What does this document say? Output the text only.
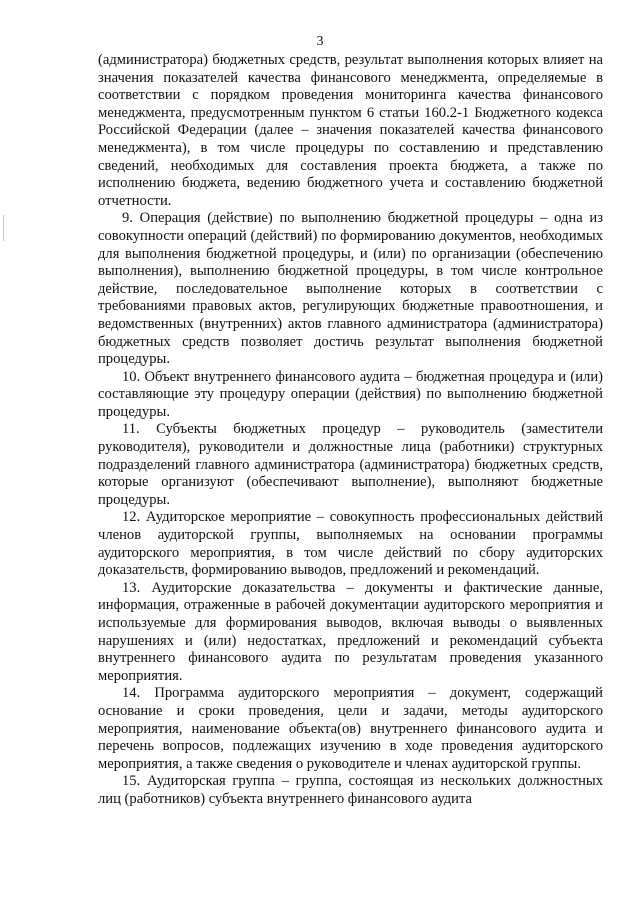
3

(администратора) бюджетных средств, результат выполнения которых влияет на значения показателей качества финансового менеджмента, определяемые в соответствии с порядком проведения мониторинга качества финансового менеджмента, предусмотренным пунктом 6 статьи 160.2-1 Бюджетного кодекса Российской Федерации (далее – значения показателей качества финансового менеджмента), в том числе процедуры по составлению и представлению сведений, необходимых для составления проекта бюджета, а также по исполнению бюджета, ведению бюджетного учета и составлению бюджетной отчетности.

9. Операция (действие) по выполнению бюджетной процедуры – одна из совокупности операций (действий) по формированию документов, необходимых для выполнения бюджетной процедуры, и (или) по организации (обеспечению выполнения), выполнению бюджетной процедуры, в том числе контрольное действие, последовательное выполнение которых в соответствии с требованиями правовых актов, регулирующих бюджетные правоотношения, и ведомственных (внутренних) актов главного администратора (администратора) бюджетных средств позволяет достичь результат выполнения бюджетной процедуры.

10. Объект внутреннего финансового аудита – бюджетная процедура и (или) составляющие эту процедуру операции (действия) по выполнению бюджетной процедуры.

11. Субъекты бюджетных процедур – руководитель (заместители руководителя), руководители и должностные лица (работники) структурных подразделений главного администратора (администратора) бюджетных средств, которые организуют (обеспечивают выполнение), выполняют бюджетные процедуры.

12. Аудиторское мероприятие – совокупность профессиональных действий членов аудиторской группы, выполняемых на основании программы аудиторского мероприятия, в том числе действий по сбору аудиторских доказательств, формированию выводов, предложений и рекомендаций.

13. Аудиторские доказательства – документы и фактические данные, информация, отраженные в рабочей документации аудиторского мероприятия и используемые для формирования выводов, включая выводы о выявленных нарушениях и (или) недостатках, предложений и рекомендаций субъекта внутреннего финансового аудита по результатам проведения указанного мероприятия.

14. Программа аудиторского мероприятия – документ, содержащий основание и сроки проведения, цели и задачи, методы аудиторского мероприятия, наименование объекта(ов) внутреннего финансового аудита и перечень вопросов, подлежащих изучению в ходе проведения аудиторского мероприятия, а также сведения о руководителе и членах аудиторской группы.

15. Аудиторская группа – группа, состоящая из нескольких должностных лиц (работников) субъекта внутреннего финансового аудита
